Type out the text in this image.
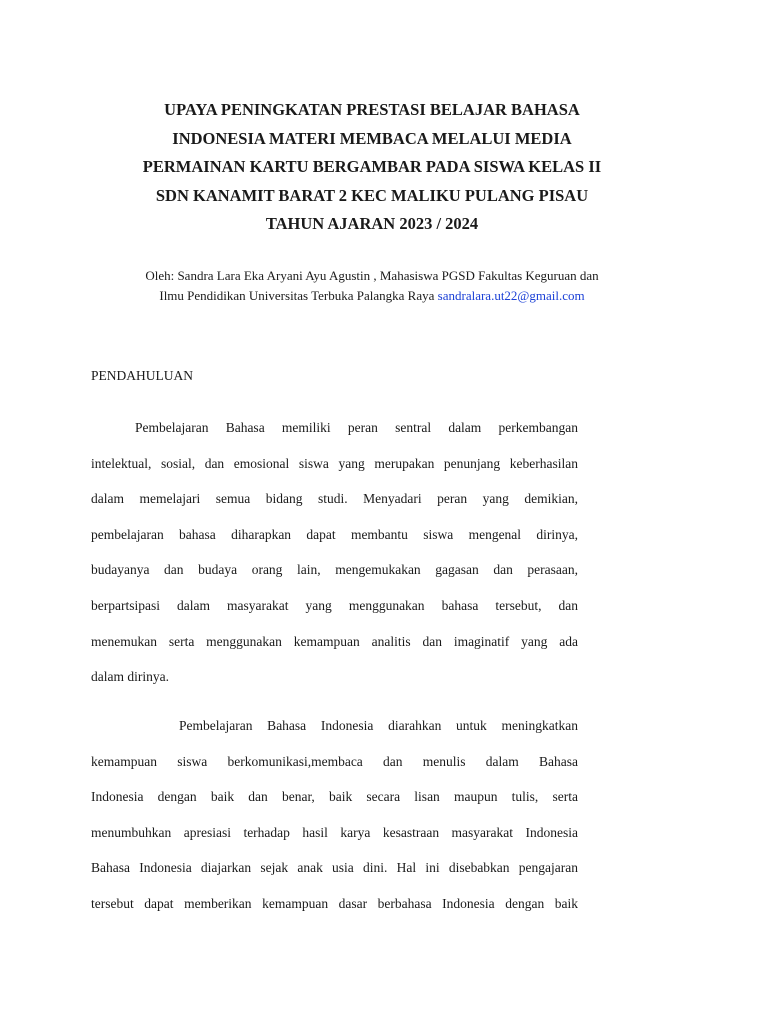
UPAYA PENINGKATAN PRESTASI BELAJAR BAHASA
INDONESIA MATERI MEMBACA MELALUI MEDIA
PERMAINAN KARTU BERGAMBAR PADA SISWA KELAS II
SDN KANAMIT BARAT 2 KEC MALIKU PULANG PISAU
TAHUN AJARAN 2023 / 2024
Oleh: Sandra Lara Eka Aryani Ayu Agustin , Mahasiswa PGSD Fakultas Keguruan dan
Ilmu Pendidikan Universitas Terbuka Palangka Raya sandralara.ut22@gmail.com
PENDAHULUAN
Pembelajaran Bahasa memiliki peran sentral dalam perkembangan
intelektual, sosial, dan emosional siswa yang merupakan penunjang keberhasilan
dalam memelajari semua bidang studi. Menyadari peran yang demikian,
pembelajaran bahasa diharapkan dapat membantu siswa mengenal dirinya,
budayanya dan budaya orang lain, mengemukakan gagasan dan perasaan,
berpartsipasi dalam masyarakat yang menggunakan bahasa tersebut, dan
menemukan serta menggunakan kemampuan analitis dan imaginatif yang ada
dalam dirinya.
Pembelajaran Bahasa Indonesia diarahkan untuk meningkatkan
kemampuan siswa berkomunikasi,membaca dan menulis dalam Bahasa
Indonesia dengan baik dan benar, baik secara lisan maupun tulis, serta
menumbuhkan apresiasi terhadap hasil karya kesastraan masyarakat Indonesia
Bahasa Indonesia diajarkan sejak anak usia dini. Hal ini disebabkan pengajaran
tersebut dapat memberikan kemampuan dasar berbahasa Indonesia dengan baik
